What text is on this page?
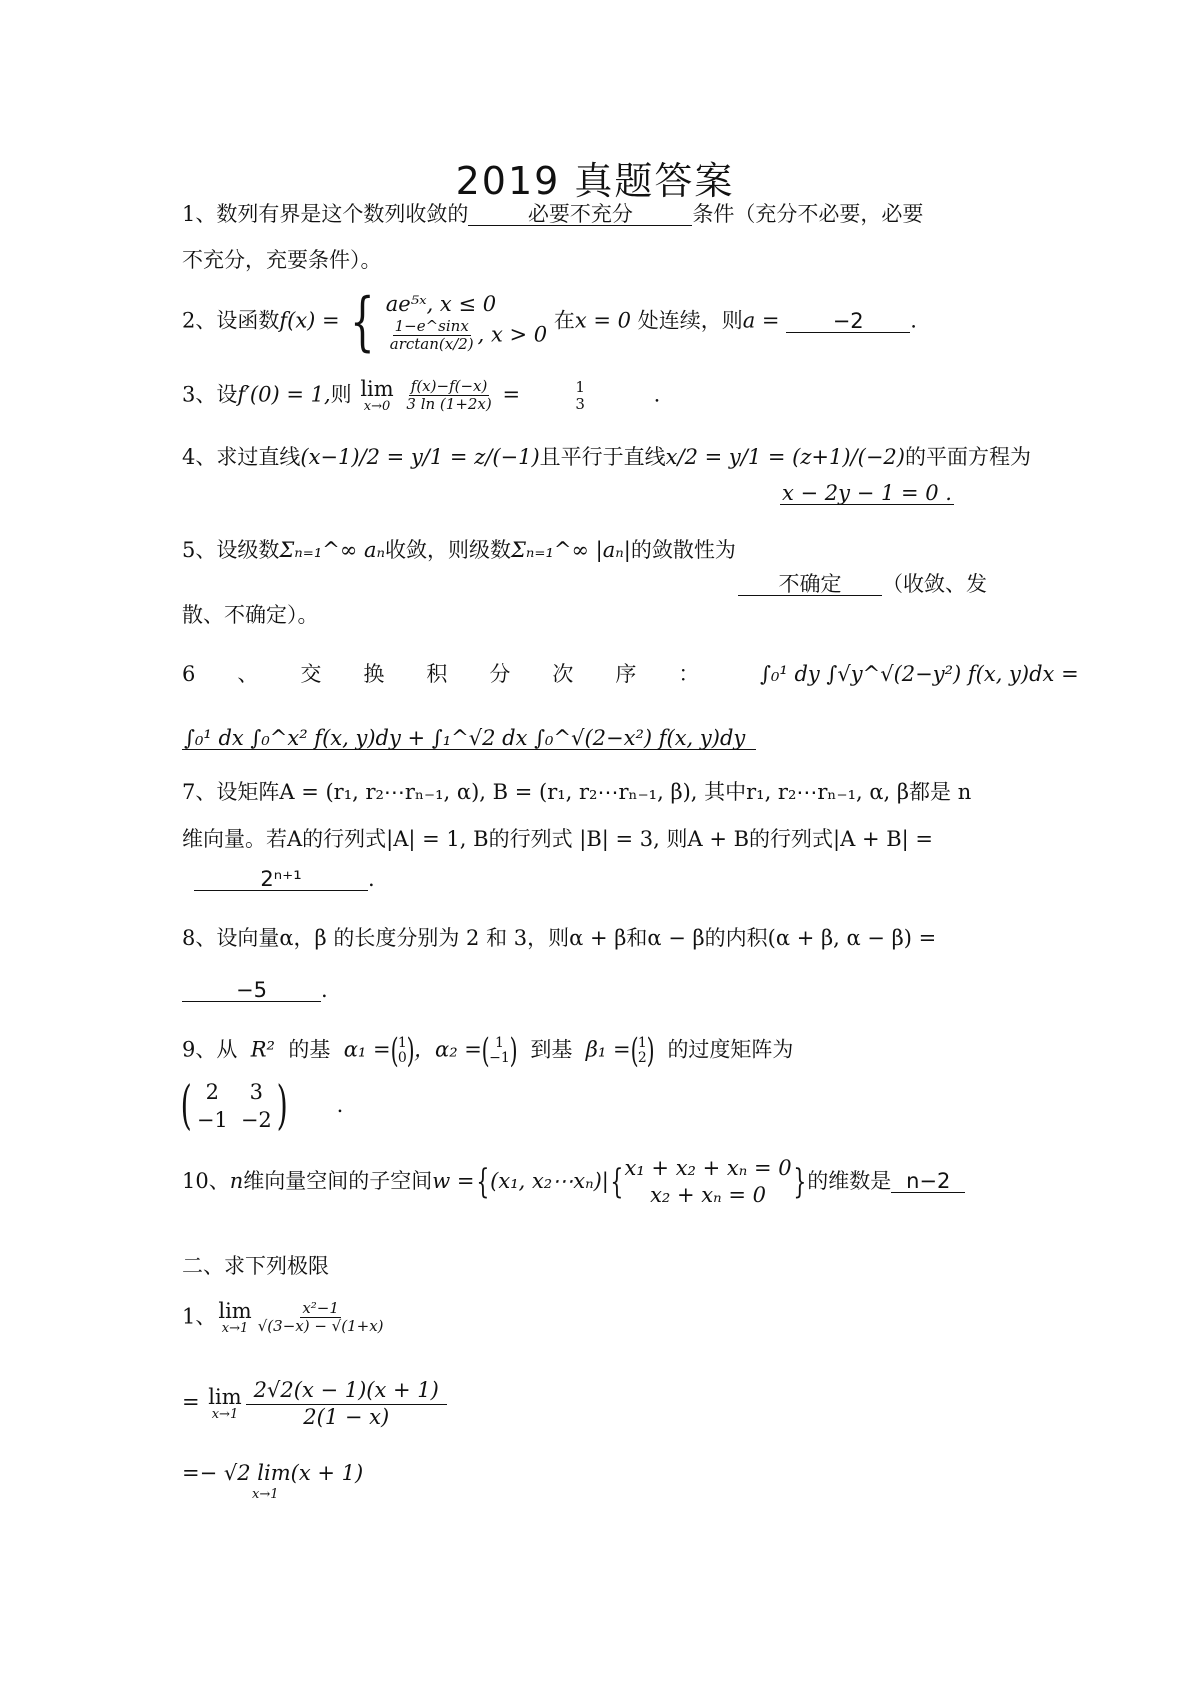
2019 真题答案
1、数列有界是这个数列收敛的	必要不充分	条件（充分不必要，必要
不充分，充要条件）。
2、设函数f(x) = { ae⁵ˣ, x ≤ 0
$\frac{1-e\^{}\sin x}{\arctan(x/2)}$ , x > 0
在x = 0 处连续，则a =	−2 .
3、设f′(0) = 1,则 lim
x→0
$\frac{f(x)-f(-x)}{3 \ln (1+2x)}$ =	1
3	.
4、求过直线(x−1)/2 = y/1 = z/(−1)且平行于直线x/2 = y/1 = (z+1)/(−2)的平面方程为
x − 2y − 1 = 0 .
5、设级数Σₙ₌₁^∞ aₙ收敛，则级数Σₙ₌₁^∞ |aₙ|的敛散性为
不确定 （收敛、发
散、不确定）。
6、交换积分次序： ∫₀¹ dy ∫√y^√(2−y²) f(x, y)dx =
∫₀¹ dx ∫₀^x² f(x, y)dy + ∫₁^√2 dx ∫₀^√(2−x²) f(x, y)dy
7、设矩阵A = (r₁, r₂⋯rₙ₋₁, α), B = (r₁, r₂⋯rₙ₋₁, β), 其中r₁, r₂⋯rₙ₋₁, α, β都是 n
维向量。若A的行列式|A| = 1, B的行列式 |B| = 3, 则A + B的行列式|A + B| =
2ⁿ⁺¹	.
8、设向量α，β 的长度分别为 2 和 3，则α + β和α − β的内积(α + β, α − β) =
−5	.
9、从 R² 的基 α₁ =( 1
0 )，α₂ =( 1
−1 ) 到基 β₁ =( 1
2 ) 的过度矩阵为
( 2	3
−1 −2 ) .
10、n维向量空间的子空间w ={(x₁, x₂⋯xₙ)|{ x₁ + x₂ + xₙ = 0
x₂ + xₙ = 0 }的维数是 n−2
二、求下列极限
1、 lim
$x\to 1 \frac{\text{x²−1}}{√(3-x) - √(1+x)}$
= lim
$x\to 1 \frac{2√2(x - 1)(x + 1)}{2(1 - x)}$
=− √2 lim(x + 1)
x→1
